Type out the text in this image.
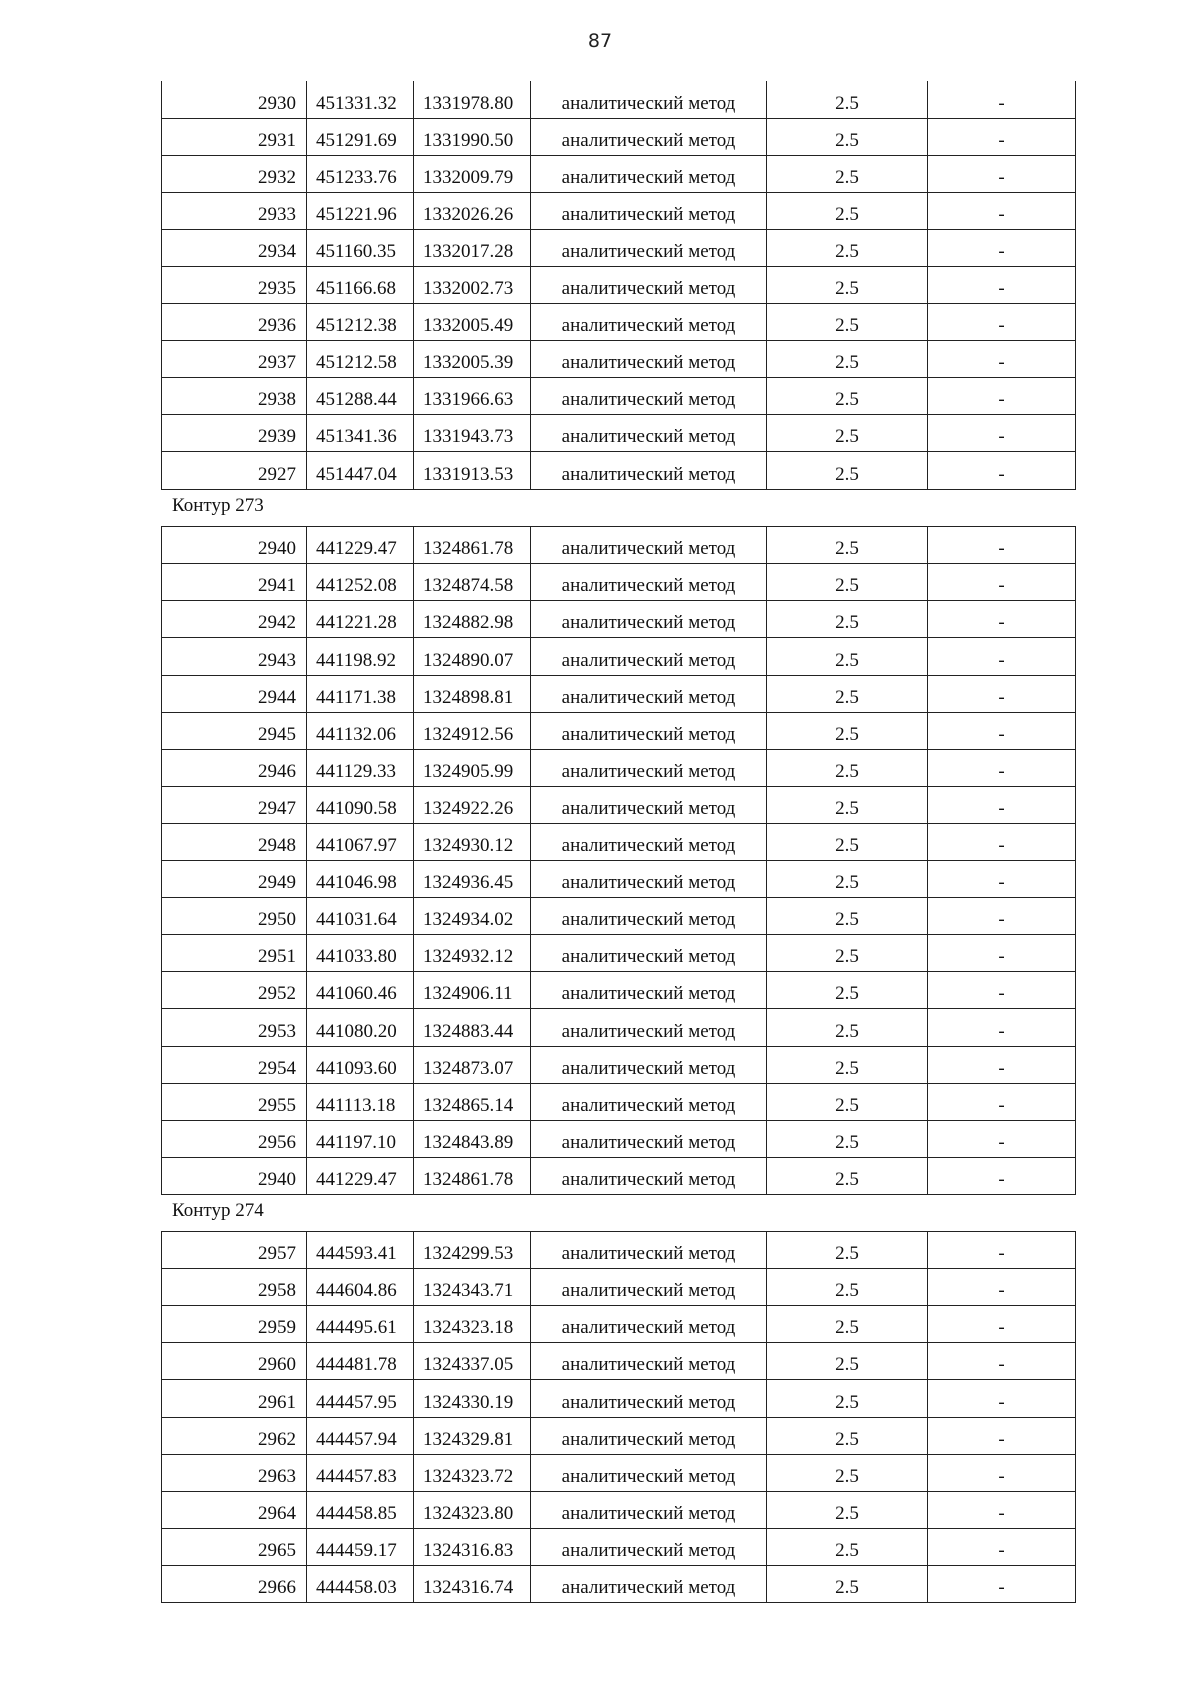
87
2930	451331.32	1331978.80	аналитический метод	2.5	-
2931	451291.69	1331990.50	аналитический метод	2.5	-
2932	451233.76	1332009.79	аналитический метод	2.5	-
2933	451221.96	1332026.26	аналитический метод	2.5	-
2934	451160.35	1332017.28	аналитический метод	2.5	-
2935	451166.68	1332002.73	аналитический метод	2.5	-
2936	451212.38	1332005.49	аналитический метод	2.5	-
2937	451212.58	1332005.39	аналитический метод	2.5	-
2938	451288.44	1331966.63	аналитический метод	2.5	-
2939	451341.36	1331943.73	аналитический метод	2.5	-
2927	451447.04	1331913.53	аналитический метод	2.5	-
Контур 273
2940	441229.47	1324861.78	аналитический метод	2.5	-
2941	441252.08	1324874.58	аналитический метод	2.5	-
2942	441221.28	1324882.98	аналитический метод	2.5	-
2943	441198.92	1324890.07	аналитический метод	2.5	-
2944	441171.38	1324898.81	аналитический метод	2.5	-
2945	441132.06	1324912.56	аналитический метод	2.5	-
2946	441129.33	1324905.99	аналитический метод	2.5	-
2947	441090.58	1324922.26	аналитический метод	2.5	-
2948	441067.97	1324930.12	аналитический метод	2.5	-
2949	441046.98	1324936.45	аналитический метод	2.5	-
2950	441031.64	1324934.02	аналитический метод	2.5	-
2951	441033.80	1324932.12	аналитический метод	2.5	-
2952	441060.46	1324906.11	аналитический метод	2.5	-
2953	441080.20	1324883.44	аналитический метод	2.5	-
2954	441093.60	1324873.07	аналитический метод	2.5	-
2955	441113.18	1324865.14	аналитический метод	2.5	-
2956	441197.10	1324843.89	аналитический метод	2.5	-
2940	441229.47	1324861.78	аналитический метод	2.5	-
Контур 274
2957	444593.41	1324299.53	аналитический метод	2.5	-
2958	444604.86	1324343.71	аналитический метод	2.5	-
2959	444495.61	1324323.18	аналитический метод	2.5	-
2960	444481.78	1324337.05	аналитический метод	2.5	-
2961	444457.95	1324330.19	аналитический метод	2.5	-
2962	444457.94	1324329.81	аналитический метод	2.5	-
2963	444457.83	1324323.72	аналитический метод	2.5	-
2964	444458.85	1324323.80	аналитический метод	2.5	-
2965	444459.17	1324316.83	аналитический метод	2.5	-
2966	444458.03	1324316.74	аналитический метод	2.5	-
